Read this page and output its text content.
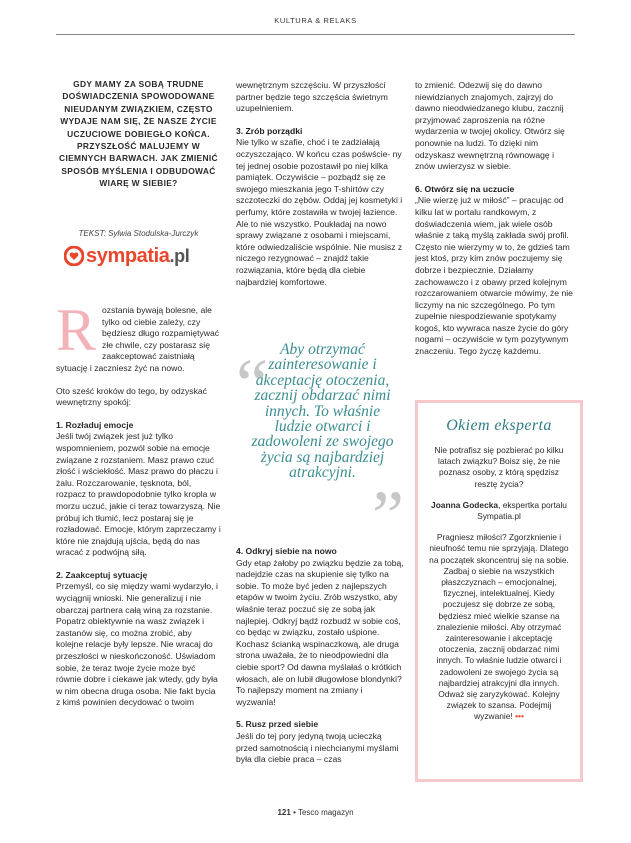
KULTURA & RELAKS
GDY MAMY ZA SOBĄ TRUDNE DOŚWIADCZENIA SPOWODOWANE NIEUDANYM ZWIĄZKIEM, CZĘSTO WYDAJE NAM SIĘ, ŻE NASZE ŻYCIE UCZUCIOWE DOBIEGŁO KOŃCA. PRZYSZŁOŚĆ MALUJEMY W CIEMNYCH BARWACH. JAK ZMIENIĆ SPOSÓB MYŚLENIA I ODBUDOWAĆ WIARĘ W SIEBIE?
TEKST: Sylwia Stodulska-Jurczyk
sympatia.pl

Rozstania bywają bolesne, ale tylko od ciebie zależy, czy będziesz długo rozpamiętywać złe chwile, czy postarasz się zaakceptować zaistniałą sytuację i zaczniesz żyć na nowo.

Oto sześć kroków do tego, by odzyskać wewnętrzny spokój:

1. Rozładuj emocje

Jeśli twój związek jest już tylko wspomnieniem, pozwól sobie na emocje związane z rozstaniem. Masz prawo czuć złość i wściekłość. Masz prawo do płaczu i żalu. Rozczarowanie, tęsknota, ból, rozpacz to prawdopodobnie tylko kropla w morzu uczuć, jakie ci teraz towarzyszą. Nie próbuj ich tłumić, lecz postaraj się je rozładować. Emocje, którym zaprzeczamy i które nie znajdują ujścia, będą do nas wracać z podwójną siłą.

2. Zaakceptuj sytuację

Przemyśl, co się między wami wydarzyło, i wyciągnij wnioski. Nie generalizuj i nie obarczaj partnera całą winą za rozstanie. Popatrz obiektywnie na wasz związek i zastanów się, co można zrobić, aby kolejne relacje były lepsze. Nie wracaj do przeszłości w nieskończoność. Uświadom sobie, że teraz twoje życie może być równie dobre i ciekawe jak wtedy, gdy była w nim obecna druga osoba. Nie fakt bycia z kimś powinien decydować o twoim

wewnętrznym szczęściu. W przyszłości partner będzie tego szczęścia świetnym uzupełnieniem.

3. Zrób porządki

Nie tylko w szafie, choć i te zadziałają oczyszczająco. W końcu czas pośwście- ny tej jednej osobie pozostawił po niej kilka pamiątek. Oczywiście – pozbądź się ze swojego mieszkania jego T-shirtów czy szczoteczki do zębów. Oddaj jej kosmetyki i perfumy, które zostawiła w twojej łazience. Ale to nie wszystko. Poukładaj na nowo sprawy związane z osobami i miejscami, które odwiedzaliście wspólnie. Nie musisz z niczego rezygnować – znajdź takie rozwiązania, które będą dla ciebie najbardziej komfortowe.

“ Aby otrzymać zainteresowanie i akceptację otoczenia, zacznij obdarzać nimi innych. To właśnie ludzie otwarci i zadowoleni ze swojego życia są najbardziej atrakcyjni.
”
4. Odkryj siebie na nowo

Gdy etap żałoby po związku będzie za tobą, nadejdzie czas na skupienie się tylko na sobie. To może być jeden z najlepszych etapów w twoim życiu. Zrób wszystko, aby właśnie teraz poczuć się ze sobą jak najlepiej. Odkryj bądź rozbudź w sobie coś, co będąc w związku, zostało uśpione. Kochasz ścianką wspinaczkową, ale druga strona uważała, że to nieodpowiedni dla ciebie sport? Od dawna myślałaś o krótkich włosach, ale on lubił długowłose blondynki? To najlepszy moment na zmiany i wyzwania!

5. Rusz przed siebie

Jeśli do tej pory jedyną twoją ucieczką przed samotnością i niechcianymi myślami była dla ciebie praca – czas

to zmienić. Odezwij się do dawno niewidzianych znajomych, zajrzyj do dawno nieodwiedzanego klubu, zacznij przyjmować zaproszenia na różne wydarzenia w twojej okolicy. Otwórz się ponownie na ludzi. To dzięki nim odzyskasz wewnętrzną równowagę i znów uwierzysz w siebie.

6. Otwórz się na uczucie

„Nie wierzę już w miłość” – pracując od kilku lat w portalu randkowym, z doświadczenia wiem, jak wiele osób właśnie z taką myślą zakłada swój profil. Często nie wierzymy w to, że gdzieś tam jest ktoś, przy kim znów poczujemy się dobrze i bezpiecznie. Działamy zachowawczo i z obawy przed kolejnym rozczarowaniem otwarcie mówimy, że nie liczymy na nic szczególnego. Po tym zupełnie niespodziewanie spotykamy kogoś, kto wywraca nasze życie do góry nogami – oczywiście w tym pozytywnym znaczeniu. Tego życzę każdemu.

Okiem eksperta

Nie potrafisz się pozbierać po kilku latach związku? Boisz się, że nie poznasz osoby, z którą spędzisz resztę życia?

Joanna Godecka, ekspertka portalu Sympatia.pl

Pragniesz miłości? Zgorzknienie i nieufność temu nie sprzyjają. Dlatego na początek skoncentruj się na sobie. Zadbaj o siebie na wszystkich płaszczyznach – emocjonalnej, fizycznej, intelektualnej. Kiedy poczujesz się dobrze ze sobą, będziesz mieć wielkie szanse na znalezienie miłości. Aby otrzymać zainteresowanie i akceptację otoczenia, zacznij obdarzać nimi innych. To właśnie ludzie otwarci i zadowoleni ze swojego życia są najbardziej atrakcyjni dla innych. Odważ się zaryzykować. Kolejny związek to szansa. Podejmij wyzwanie! •••

121 • Tesco magazyn
